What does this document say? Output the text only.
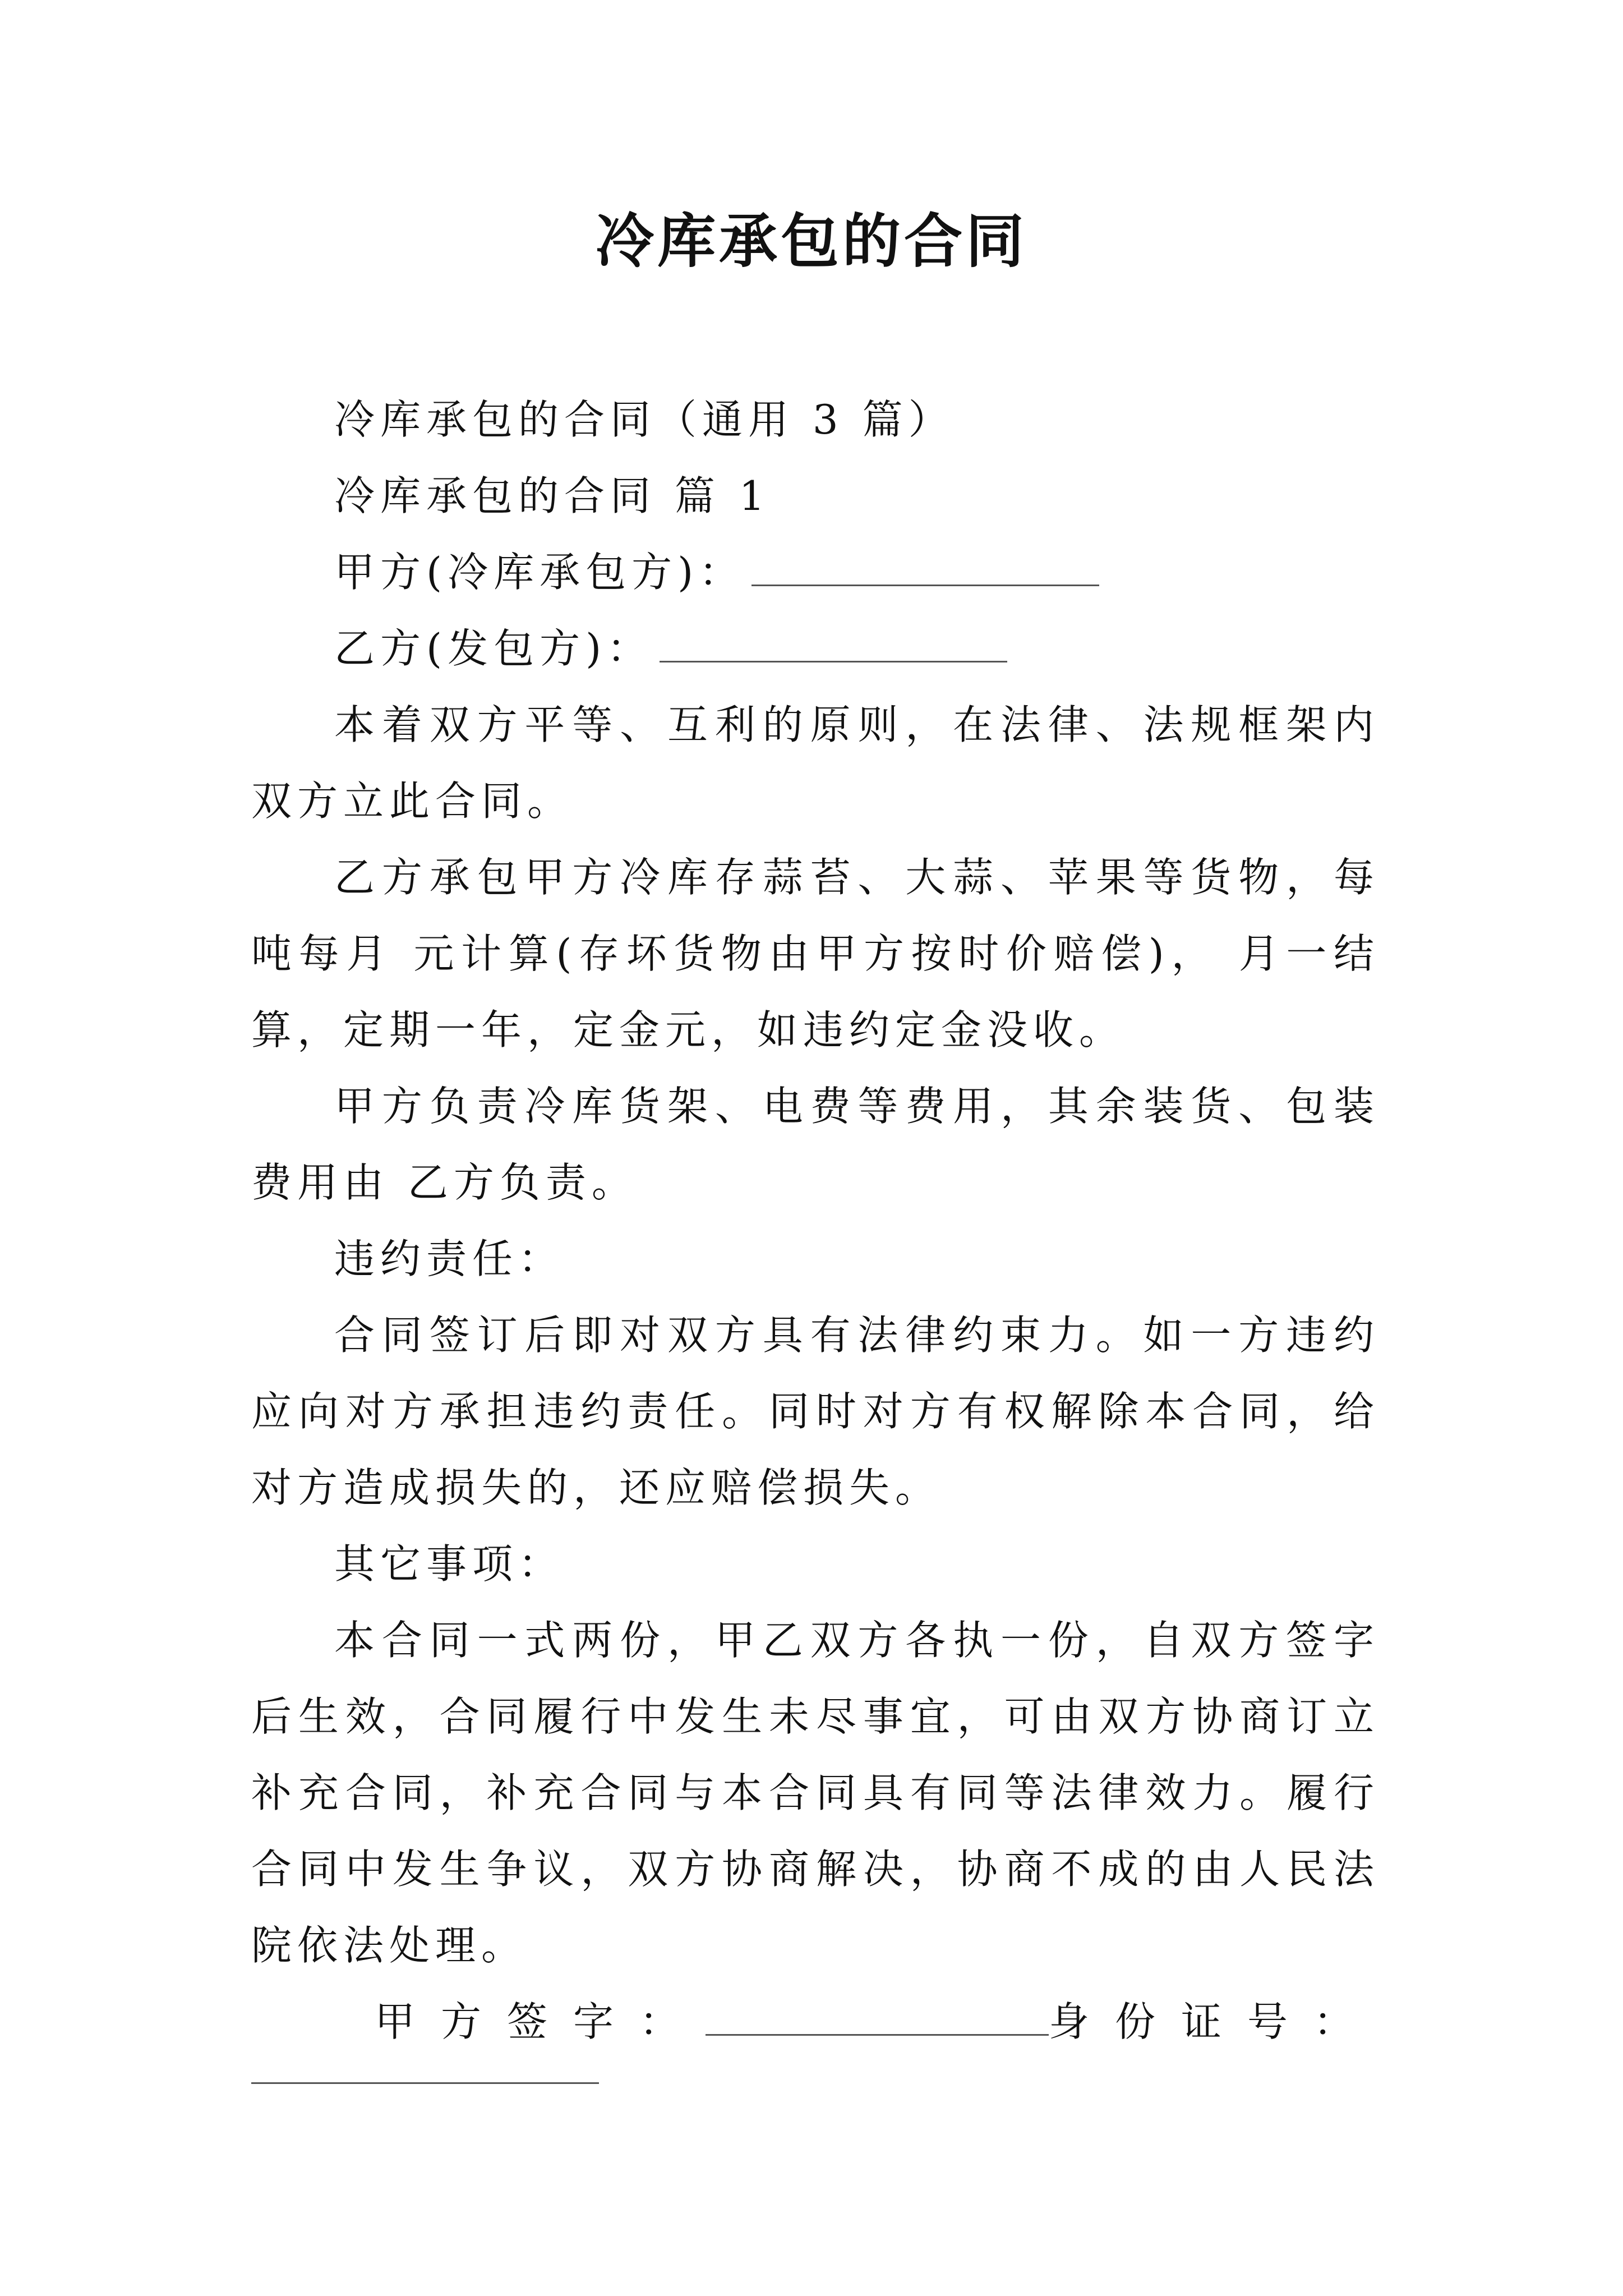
冷库承包的合同

冷库承包的合同（通用 3 篇）

冷库承包的合同 篇 1

甲方(冷库承包方)：

乙方(发包方)：

本着双方平等、互利的原则，在法律、法规框架内双方立此合同。

乙方承包甲方冷库存蒜苔、大蒜、苹果等货物，每吨每月 元计算(存坏货物由甲方按时价赔偿)， 月一结算，定期一年，定金元，如违约定金没收。

甲方负责冷库货架、电费等费用，其余装货、包装费用由 乙方负责。

违约责任：

合同签订后即对双方具有法律约束力。如一方违约应向对方承担违约责任。同时对方有权解除本合同，给对方造成损失的，还应赔偿损失。

其它事项：

本合同一式两份，甲乙双方各执一份，自双方签字后生效，合同履行中发生未尽事宜，可由双方协商订立补充合同，补充合同与本合同具有同等法律效力。履行合同中发生争议，双方协商解决，协商不成的由人民法院依法处理。

甲方签字：	身份证号：
